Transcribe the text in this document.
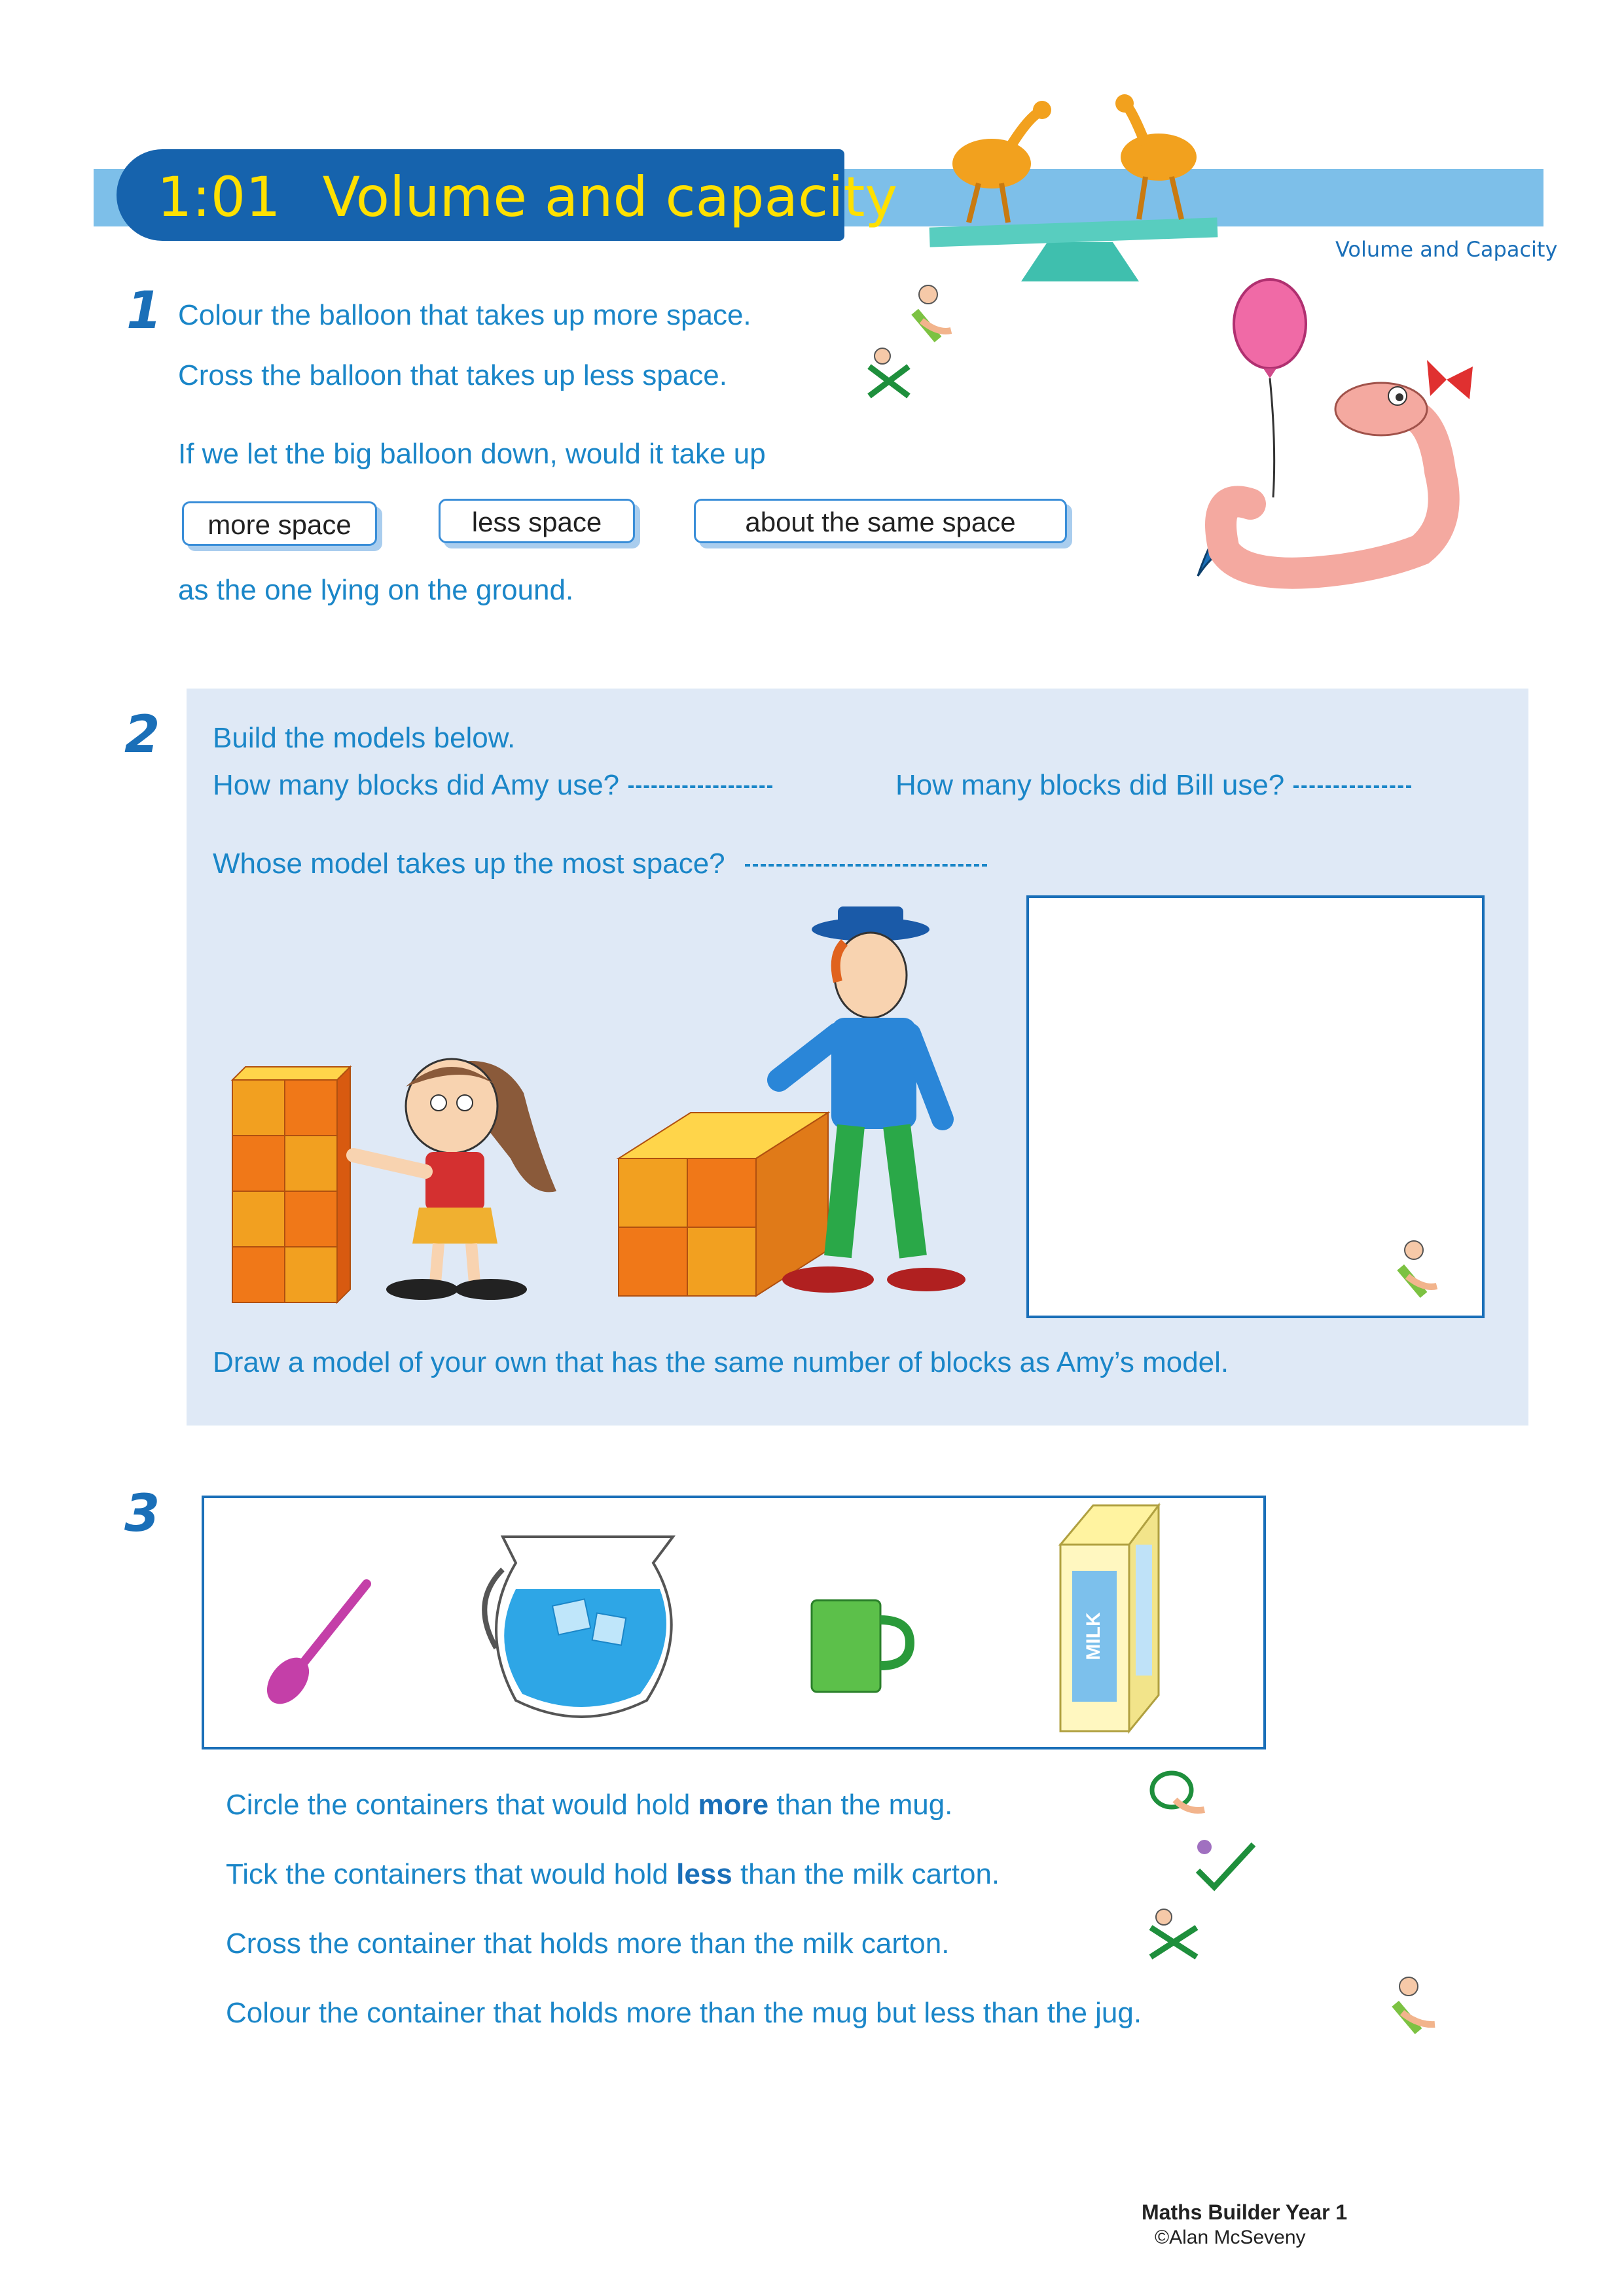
1:01 Volume and capacity
Volume and Capacity
1 Colour the balloon that takes up more space.
Cross the balloon that takes up less space.
If we let the big balloon down, would it take up
more space	less space	about the same space
as the one lying on the ground.
2 Build the models below.
How many blocks did Amy use?	How many blocks did Bill use?
Whose model takes up the most space?
Draw a model of your own that has the same number of blocks as Amy’s model.
3
MILK
Circle the containers that would hold more than the mug.
Tick the containers that would hold less than the milk carton.
Cross the container that holds more than the milk carton.
Colour the container that holds more than the mug but less than the jug.
Maths Builder Year 1
©Alan McSeveny
